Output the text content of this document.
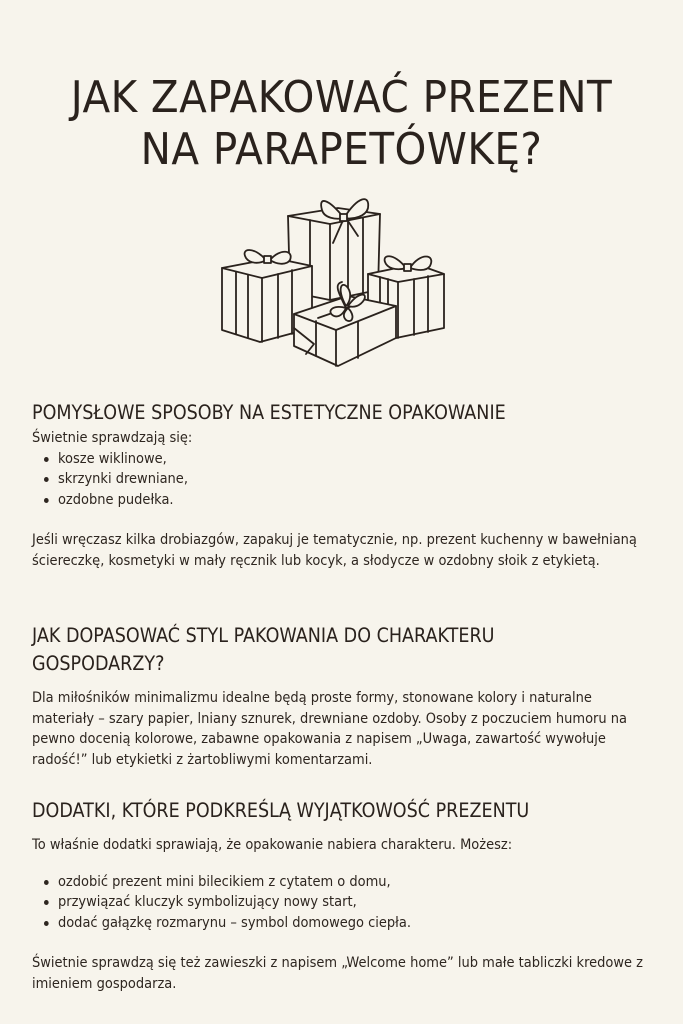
JAK ZAPAKOWAĆ PREZENT
NA PARAPETÓWKĘ?
POMYSŁOWE SPOSOBY NA ESTETYCZNE OPAKOWANIE

Świetnie sprawdzają się:

kosze wiklinowe,
skrzynki drewniane,
ozdobne pudełka.

Jeśli wręczasz kilka drobiazgów, zapakuj je tematycznie, np. prezent kuchenny w bawełnianą ściereczkę, kosmetyki w mały ręcznik lub kocyk, a słodycze w ozdobny słoik z etykietą.

JAK DOPASOWAĆ STYL PAKOWANIA DO CHARAKTERU
GOSPODARZY?

Dla miłośników minimalizmu idealne będą proste formy, stonowane kolory i naturalne materiały – szary papier, lniany sznurek, drewniane ozdoby. Osoby z poczuciem humoru na pewno docenią kolorowe, zabawne opakowania z napisem „Uwaga, zawartość wywołuje radość!” lub etykietki z żartobliwymi komentarzami.

DODATKI, KTÓRE PODKREŚLĄ WYJĄTKOWOŚĆ PREZENTU

To właśnie dodatki sprawiają, że opakowanie nabiera charakteru. Możesz:

ozdobić prezent mini bilecikiem z cytatem o domu,
przywiązać kluczyk symbolizujący nowy start,
dodać gałązkę rozmarynu – symbol domowego ciepła.

Świetnie sprawdzą się też zawieszki z napisem „Welcome home” lub małe tabliczki kredowe z imieniem gospodarza.
